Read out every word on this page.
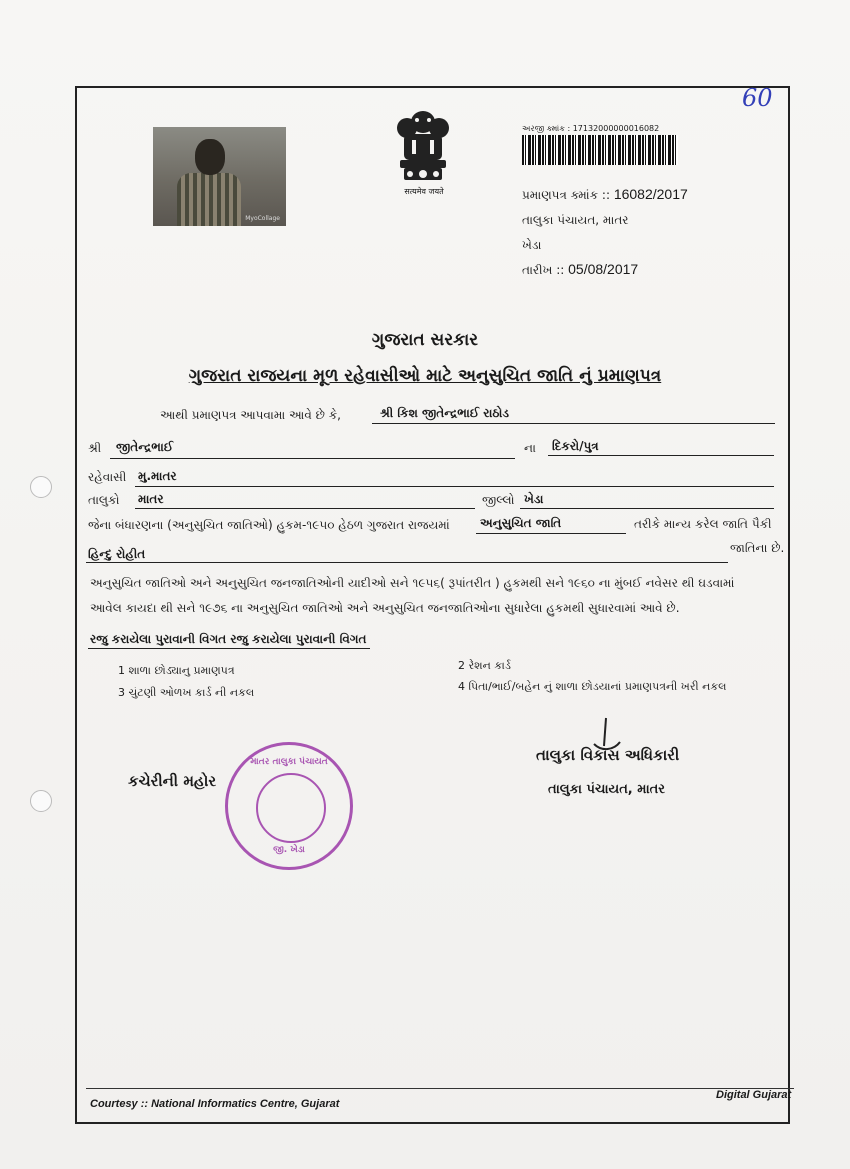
60
MyoCollage
सत्यमेव जयते
અરજી ક્માંક : 17132000000016082
પ્રમાણપત્ર ક્માંક :: 16082/2017
તાલુકા પંચાયત, માતર
ખેડા
તારીખ :: 05/08/2017
ગુજરાત સરકાર
ગુજરાત રાજયના મૂળ રહેવાસીઓ માટે અનુસુચિત જાતિ નું પ્રમાણપત્ર
આથી પ્રમાણપત્ર આપવામા આવે છે કે,	શ્રી કિશ જીતેન્દ્રભાઈ રાઠોડ
શ્રી જીતેન્દ્રભાઈ	ના દિકરો/પુત્ર
રહેવાસી મુ.માતર
તાલુકો માતર	જીલ્લો ખેડા
જેના બંધારણના (અનુસુચિત જાતિઓ) હુકમ-૧૯૫૦ હેઠળ ગુજરાત રાજયમાં	અનુસુચિત જાતિ	તરીકે માન્ય કરેલ જાતિ પૈકી
હિન્દુ રોહીત	જાતિના છે.
અનુસુચિત જાતિઓ અને અનુસુચિત જનજાતિઓની યાદીઓ સને ૧૯૫૬( રૂપાંતરીત ) હુકમથી સને ૧૯૬૦ ના મુંબઈ નવેસર થી ઘડવામાં
આવેલ કાયદા થી સને ૧૯૭૬ ના અનુસુચિત જાતિઓ અને અનુસુચિત જનજાતિઓના સુધારેલા હુકમથી સુધારવામાં આવે છે.
રજુ કરાયેલા પુરાવાની વિગત રજુ કરાયેલા પુરાવાની વિગત
1 શાળા છોડ્યાનુ પ્રમાણપત્ર	2 રેશન કાર્ડ
3 ચુંટણી ઓળખ કાર્ડ ની નકલ	4 પિતા/ભાઈ/બહેન નું શાળા છોડયાનાં પ્રમાણપત્રની ખરી નકલ
કચેરીની મહોર
માતર તાલુકા પંચાયત
જી. ખેડા
તાલુકા વિકાસ અધિકારી
તાલુકા પંચાયત, માતર
Courtesy :: National Informatics Centre, Gujarat
Digital Gujarat
